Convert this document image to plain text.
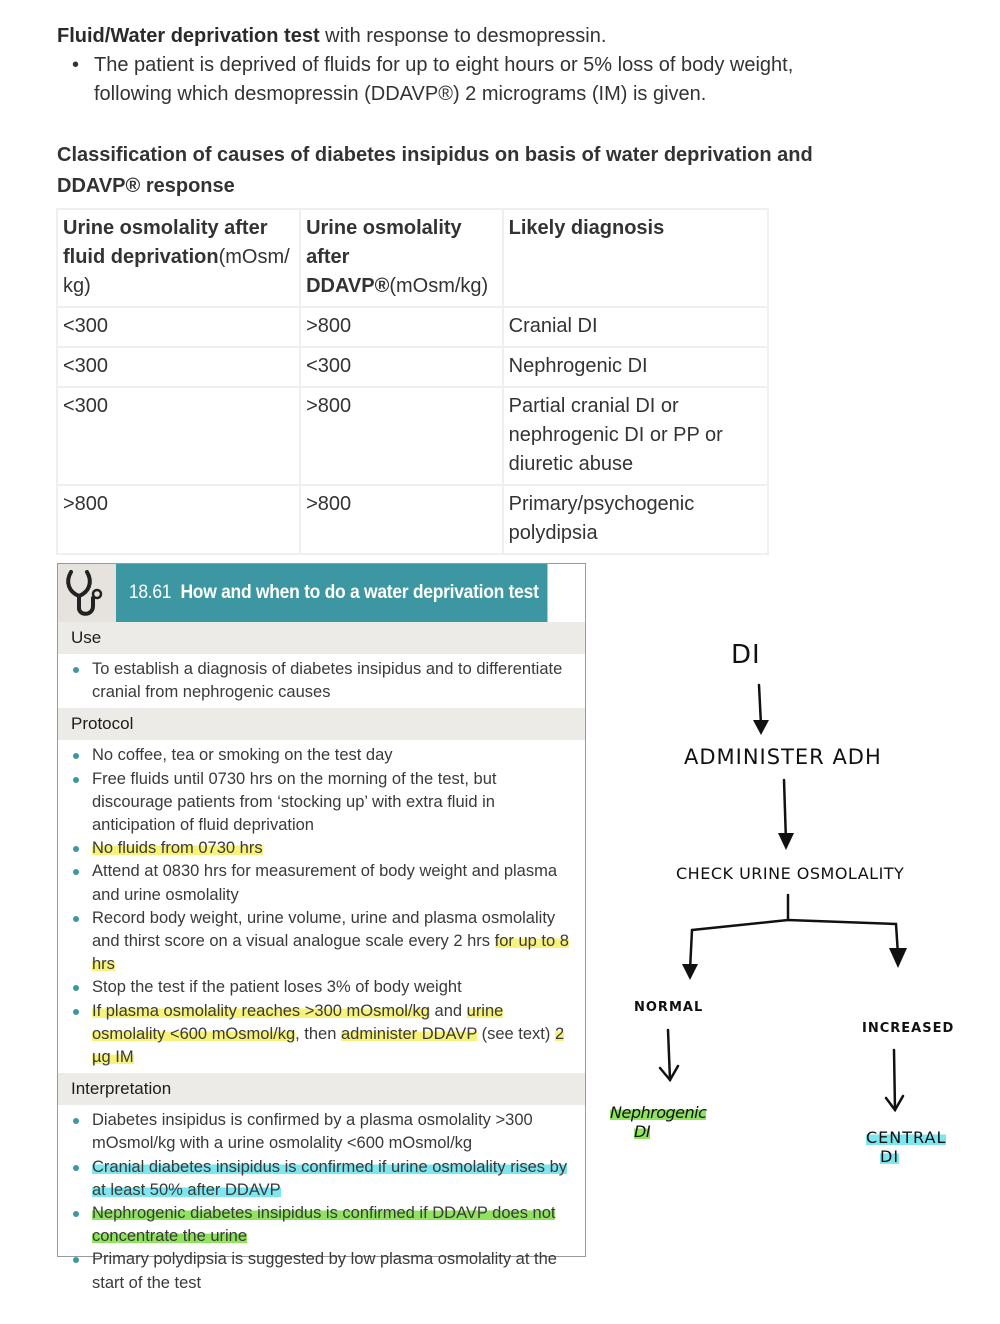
Fluid/Water deprivation test with response to desmopressin.
• The patient is deprived of fluids for up to eight hours or 5% loss of body weight, following which desmopressin (DDAVP®) 2 micrograms (IM) is given.
Classification of causes of diabetes insipidus on basis of water deprivation and DDAVP® response
Urine osmolality after fluid deprivation(mOsm/ kg)	Urine osmolality after DDAVP®(mOsm/kg)	Likely diagnosis
<300	>800	Cranial DI
<300	<300	Nephrogenic DI
<300	>800	Partial cranial DI or nephrogenic DI or PP or diuretic abuse
>800	>800	Primary/psychogenic polydipsia
18.61 How and when to do a water deprivation test
Use
To establish a diagnosis of diabetes insipidus and to differentiate cranial from nephrogenic causes
Protocol
No coffee, tea or smoking on the test day
Free fluids until 0730 hrs on the morning of the test, but discourage patients from ‘stocking up’ with extra fluid in anticipation of fluid deprivation
No fluids from 0730 hrs
Attend at 0830 hrs for measurement of body weight and plasma and urine osmolality
Record body weight, urine volume, urine and plasma osmolality and thirst score on a visual analogue scale every 2 hrs for up to 8 hrs
Stop the test if the patient loses 3% of body weight
If plasma osmolality reaches >300 mOsmol/kg and urine osmolality <600 mOsmol/kg, then administer DDAVP (see text) 2 µg IM
Interpretation
Diabetes insipidus is confirmed by a plasma osmolality >300 mOsmol/kg with a urine osmolality <600 mOsmol/kg
Cranial diabetes insipidus is confirmed if urine osmolality rises by at least 50% after DDAVP
Nephrogenic diabetes insipidus is confirmed if DDAVP does not concentrate the urine
Primary polydipsia is suggested by low plasma osmolality at the start of the test
DI
ADMINISTER ADH
CHECK URINE OSMOLALITY
NORMAL
INCREASED
Nephrogenic
DI	CENTRAL
DI
